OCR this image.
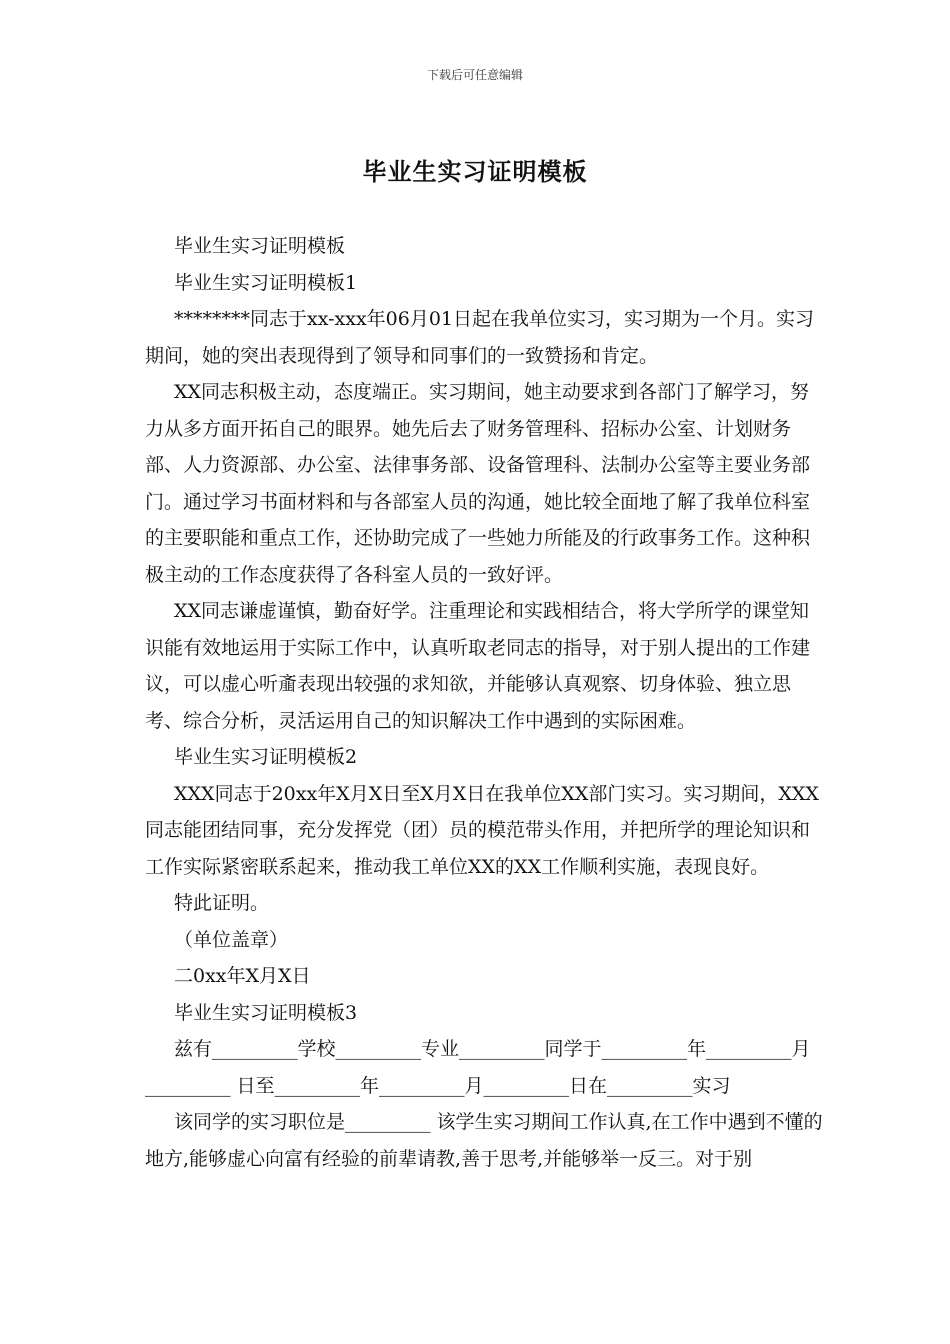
下载后可任意编辑
毕业生实习证明模板

毕业生实习证明模板

毕业生实习证明模板1

********同志于xx-xxx年06月01日起在我单位实习，实习期为一个月。实习期间，她的突出表现得到了领导和同事们的一致赞扬和肯定。

XX同志积极主动，态度端正。实习期间，她主动要求到各部门了解学习，努力从多方面开拓自己的眼界。她先后去了财务管理科、招标办公室、计划财务部、人力资源部、办公室、法律事务部、设备管理科、法制办公室等主要业务部门。通过学习书面材料和与各部室人员的沟通，她比较全面地了解了我单位科室的主要职能和重点工作，还协助完成了一些她力所能及的行政事务工作。这种积极主动的工作态度获得了各科室人员的一致好评。

XX同志谦虚谨慎，勤奋好学。注重理论和实践相结合，将大学所学的课堂知识能有效地运用于实际工作中，认真听取老同志的指导，对于别人提出的工作建议，可以虚心听齑表现出较强的求知欲，并能够认真观察、切身体验、独立思考、综合分析，灵活运用自己的知识解决工作中遇到的实际困难。

毕业生实习证明模板2

XXX同志于20xx年X月X日至X月X日在我单位XX部门实习。实习期间，XXX同志能团结同事，充分发挥党（团）员的模范带头作用，并把所学的理论知识和工作实际紧密联系起来，推动我工单位XX的XX工作顺利实施，表现良好。

特此证明。

（单位盖章）

二0xx年X月X日

毕业生实习证明模板3

兹有_________学校_________专业_________同学于_________年_________月_________ 日至_________年_________月_________日在_________实习

该同学的实习职位是_________ 该学生实习期间工作认真,在工作中遇到不懂的地方,能够虚心向富有经验的前辈请教,善于思考,并能够举一反三。对于别
